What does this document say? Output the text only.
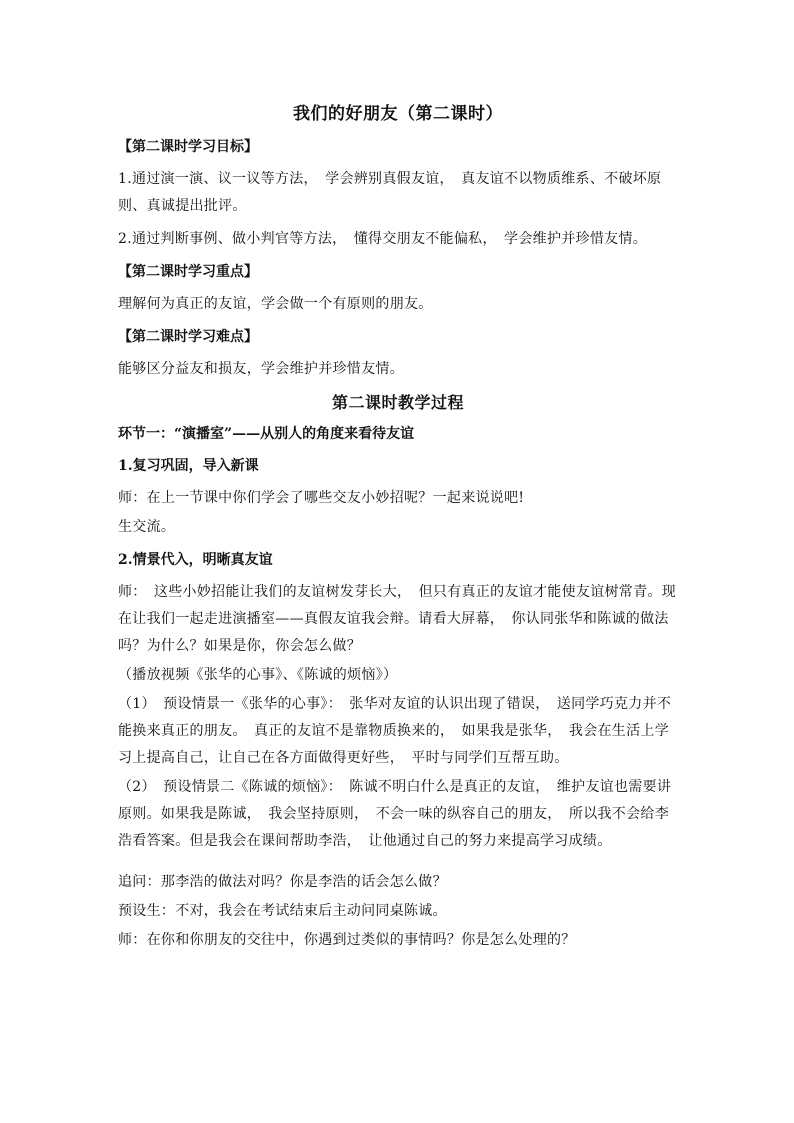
我们的好朋友（第二课时）
【第二课时学习目标】
1.通过演一演、议一议等方法，　学会辨别真假友谊，　真友谊不以物质维系、不破坏原则、真诚提出批评。
2.通过判断事例、做小判官等方法，　懂得交朋友不能偏私，　学会维护并珍惜友情。
【第二课时学习重点】
理解何为真正的友谊，学会做一个有原则的朋友。
【第二课时学习难点】
能够区分益友和损友，学会维护并珍惜友情。
第二课时教学过程
环节一：“演播室”——从别人的角度来看待友谊
1.复习巩固，导入新课
师：在上一节课中你们学会了哪些交友小妙招呢？一起来说说吧!
生交流。
2.情景代入，明晰真友谊
师：　这些小妙招能让我们的友谊树发芽长大，　但只有真正的友谊才能使友谊树常青。现在让我们一起走进演播室——真假友谊我会辩。请看大屏幕，　你认同张华和陈诚的做法吗？为什么？如果是你，你会怎么做？
（播放视频《张华的心事》、《陈诚的烦恼》）
（1）　预设情景一《张华的心事》：　张华对友谊的认识出现了错误，　送同学巧克力并不能换来真正的朋友。　真正的友谊不是靠物质换来的，　如果我是张华，　我会在生活上学习上提高自己，让自己在各方面做得更好些，　平时与同学们互帮互助。
（2）　预设情景二《陈诚的烦恼》：　陈诚不明白什么是真正的友谊，　维护友谊也需要讲原则。如果我是陈诚，　我会坚持原则，　不会一味的纵容自己的朋友，　所以我不会给李浩看答案。但是我会在课间帮助李浩，　让他通过自己的努力来提高学习成绩。
追问：那李浩的做法对吗？你是李浩的话会怎么做？
预设生：不对，我会在考试结束后主动问同桌陈诚。
师：在你和你朋友的交往中，你遇到过类似的事情吗？你是怎么处理的？
